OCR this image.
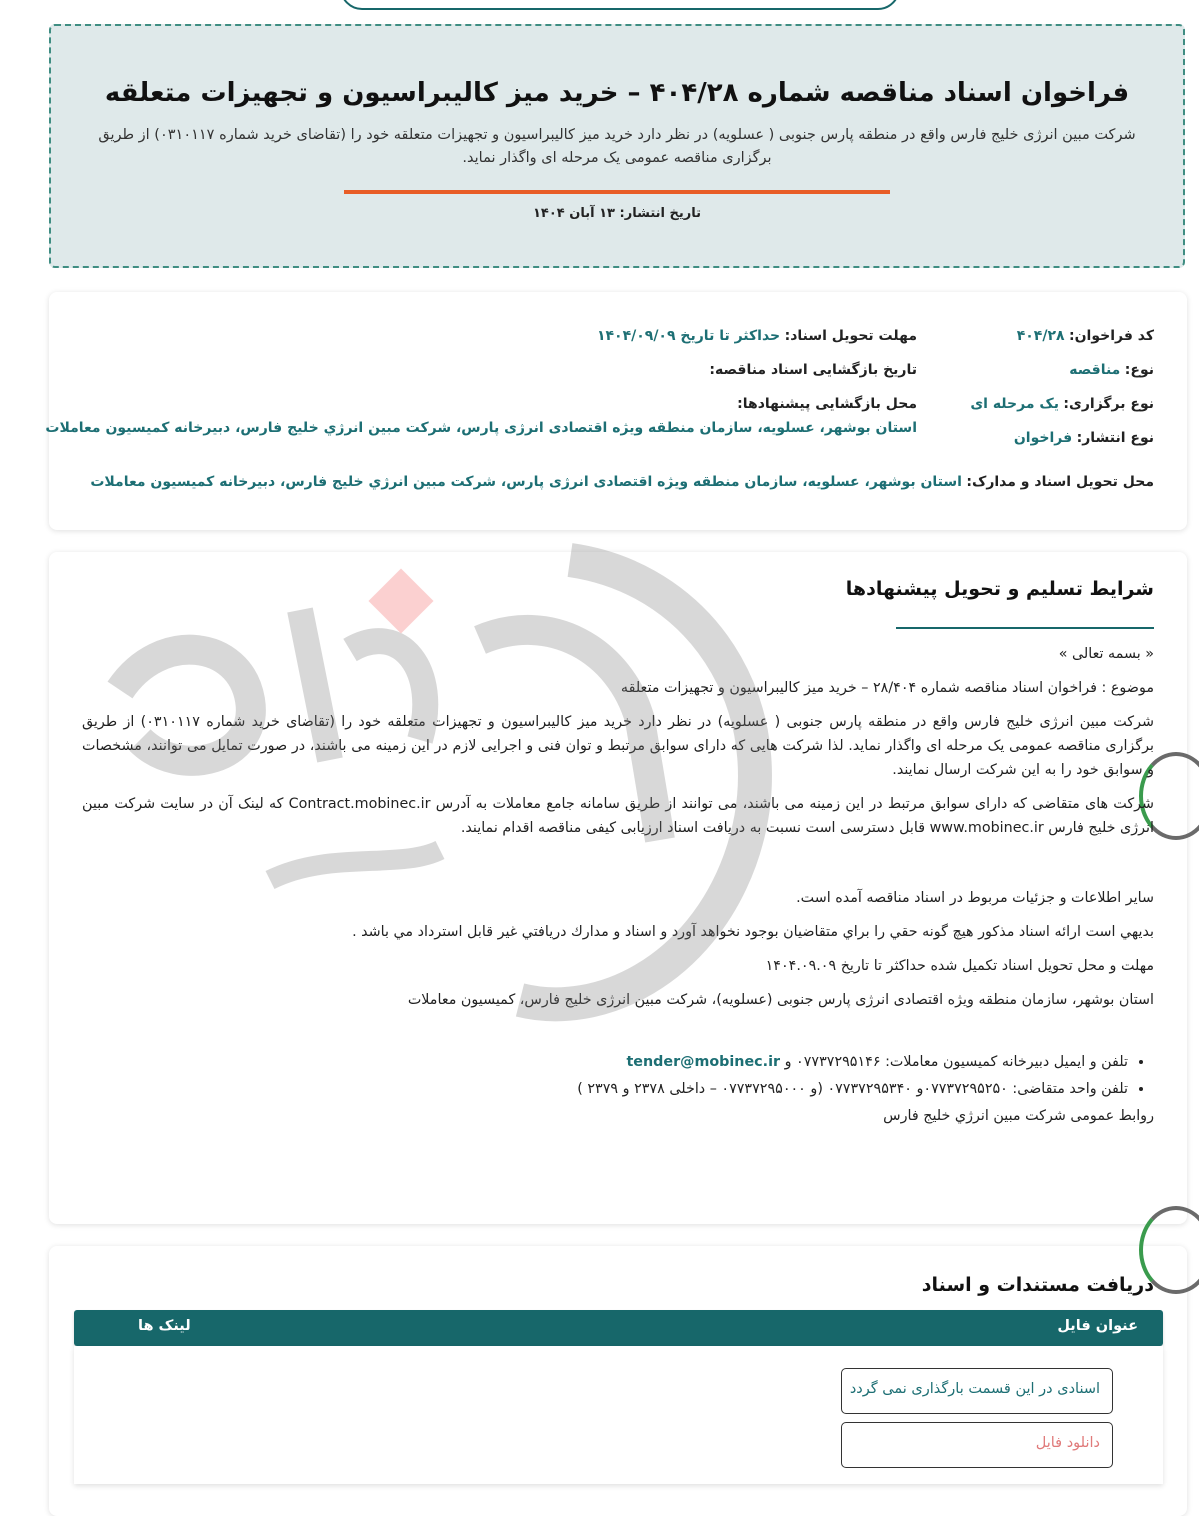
فراخوان اسناد مناقصه شماره ۴۰۴/۲۸ – خرید میز کالیبراسیون و تجهیزات متعلقه

شرکت مبین انرژی خلیج فارس واقع در منطقه پارس جنوبی ( عسلویه) در نظر دارد خرید میز کالیبراسیون و تجهیزات متعلقه خود را (تقاضای خرید شماره ۰۳۱۰۱۱۷) از طریق برگزاری مناقصه عمومی یک مرحله ای واگذار نماید.

تاریخ انتشار: ۱۳ آبان ۱۴۰۴
کد فراخوان: ۴۰۴/۲۸
نوع: مناقصه
نوع برگزاری: یک مرحله ای
نوع انتشار: فراخوان
مهلت تحویل اسناد: حداکثر تا تاریخ ۱۴۰۴/۰۹/۰۹
تاریخ بازگشایی اسناد مناقصه:
محل بازگشایی پیشنهادها:
استان بوشهر، عسلویه، سازمان منطقه ویژه اقتصادی انرژی پارس، شرکت مبین انرژي خلیج فارس، دبیرخانه کمیسیون معاملات
محل تحویل اسناد و مدارک: استان بوشهر، عسلویه، سازمان منطقه ویژه اقتصادی انرژی پارس، شرکت مبین انرژي خلیج فارس، دبیرخانه کمیسیون معاملات
شرایط تسلیم و تحویل پیشنهادها

« بسمه تعالی »

موضوع : فراخوان اسناد مناقصه شماره ۲۸/۴۰۴ – خرید میز کالیبراسیون و تجهیزات متعلقه

شرکت مبین انرژی خلیج فارس واقع در منطقه پارس جنوبی ( عسلویه) در نظر دارد خرید میز کالیبراسیون و تجهیزات متعلقه خود را (تقاضای خرید شماره ۰۳۱۰۱۱۷) از طریق برگزاری مناقصه عمومی یک مرحله ای واگذار نماید. لذا شرکت هایی که دارای سوابق مرتبط و توان فنی و اجرایی لازم در این زمینه می باشند، در صورت تمایل می توانند، مشخصات و سوابق خود را به این شرکت ارسال نمایند.

شرکت های متقاضی که دارای سوابق مرتبط در این زمینه می باشند، می توانند از طریق سامانه جامع معاملات به آدرس Contract.mobinec.ir که لینک آن در سایت شرکت مبین انرژی خلیج فارس www.mobinec.ir قابل دسترسی است نسبت به دریافت اسناد ارزیابی کیفی مناقصه اقدام نمایند.

سایر اطلاعات و جزئیات مربوط در اسناد مناقصه آمده است.

بديهي است ارائه اسناد مذكور هيچ گونه حقي را براي متقاضيان بوجود نخواهد آورد و اسناد و مدارك دريافتي غير قابل استرداد مي باشد .

مهلت و محل تحویل اسناد تکمیل شده حداکثر تا تاریخ ۱۴۰۴.۰۹.۰۹

استان بوشهر، سازمان منطقه ویژه اقتصادی انرژی پارس جنوبی (عسلویه)، شرکت مبین انرژی خلیج فارس، کمیسیون معاملات

• تلفن و ایمیل دبیرخانه کمیسیون معاملات: ۰۷۷۳۷۲۹۵۱۴۶ و tender@mobinec.ir
• تلفن واحد متقاضی: ۰۷۷۳۷۲۹۵۲۵۰و ۰۷۷۳۷۲۹۵۳۴۰ (و ۰۷۷۳۷۲۹۵۰۰۰ – داخلی ۲۳۷۸ و ۲۳۷۹ )

روابط عمومی شرکت مبین انرژي خلیج فارس

دریافت مستندات و اسناد
عنوان فایل
لینک ها
اسنادی در این قسمت بارگذاری نمی گردد
دانلود فایل
